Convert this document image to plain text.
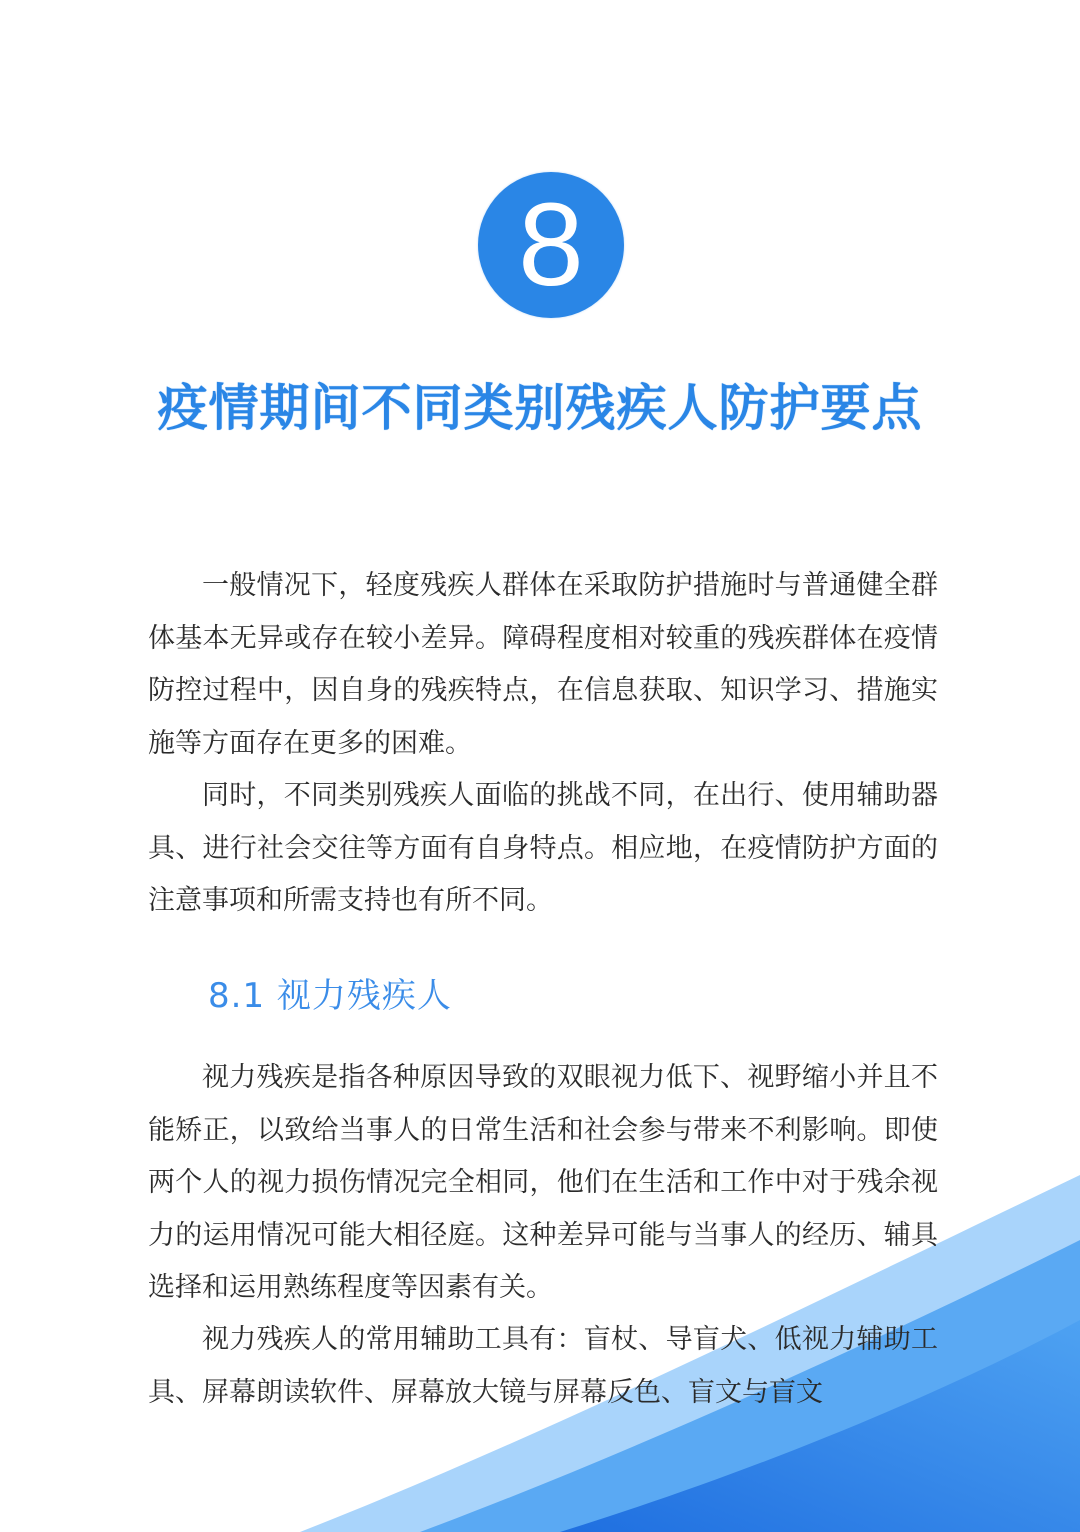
8
疫情期间不同类别残疾人防护要点

一般情况下，轻度残疾人群体在采取防护措施时与普通健全群体基本无异或存在较小差异。障碍程度相对较重的残疾群体在疫情防控过程中，因自身的残疾特点，在信息获取、知识学习、措施实施等方面存在更多的困难。

同时，不同类别残疾人面临的挑战不同，在出行、使用辅助器具、进行社会交往等方面有自身特点。相应地，在疫情防护方面的注意事项和所需支持也有所不同。

8.1 视力残疾人

视力残疾是指各种原因导致的双眼视力低下、视野缩小并且不能矫正，以致给当事人的日常生活和社会参与带来不利影响。即使两个人的视力损伤情况完全相同，他们在生活和工作中对于残余视力的运用情况可能大相径庭。这种差异可能与当事人的经历、辅具选择和运用熟练程度等因素有关。

视力残疾人的常用辅助工具有：盲杖、导盲犬、低视力辅助工具、屏幕朗读软件、屏幕放大镜与屏幕反色、盲文与盲文
